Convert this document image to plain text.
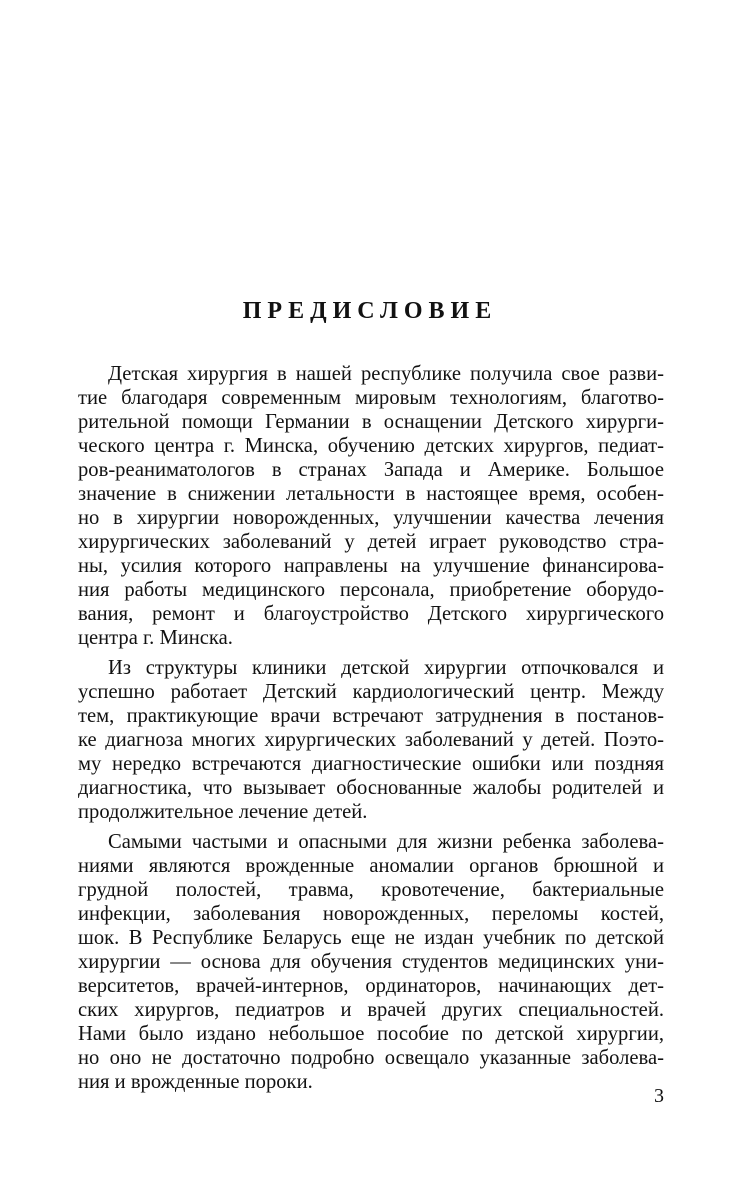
ПРЕДИСЛОВИЕ
Детская хирургия в нашей республике получила свое разви-
тие благодаря современным мировым технологиям, благотво-
рительной помощи Германии в оснащении Детского хирурги-
ческого центра г. Минска, обучению детских хирургов, педиат-
ров-реаниматологов в странах Запада и Америке. Большое
значение в снижении летальности в настоящее время, особен-
но в хирургии новорожденных, улучшении качества лечения
хирургических заболеваний у детей играет руководство стра-
ны, усилия которого направлены на улучшение финансирова-
ния работы медицинского персонала, приобретение оборудо-
вания, ремонт и благоустройство Детского хирургического
центра г. Минска.
Из структуры клиники детской хирургии отпочковался и
успешно работает Детский кардиологический центр. Между
тем, практикующие врачи встречают затруднения в постанов-
ке диагноза многих хирургических заболеваний у детей. Поэто-
му нередко встречаются диагностические ошибки или поздняя
диагностика, что вызывает обоснованные жалобы родителей и
продолжительное лечение детей.
Самыми частыми и опасными для жизни ребенка заболева-
ниями являются врожденные аномалии органов брюшной и
грудной полостей, травма, кровотечение, бактериальные
инфекции, заболевания новорожденных, переломы костей,
шок. В Республике Беларусь еще не издан учебник по детской
хирургии — основа для обучения студентов медицинских уни-
верситетов, врачей-интернов, ординаторов, начинающих дет-
ских хирургов, педиатров и врачей других специальностей.
Нами было издано небольшое пособие по детской хирургии,
но оно не достаточно подробно освещало указанные заболева-
ния и врожденные пороки.
3
